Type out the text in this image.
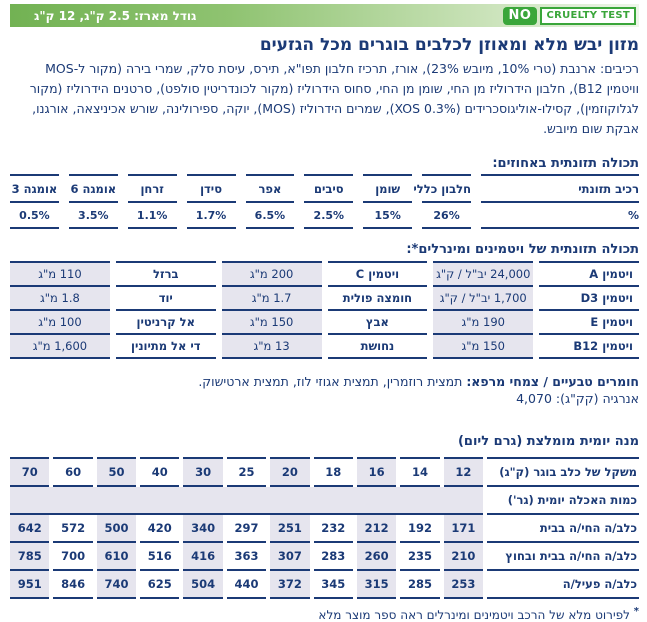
גודל מארז: 2.5 ק"ג, 12 ק"ג	NO	CRUELTY TEST
מזון יבש מלא ומאוזן לכלבים בוגרים מכל הגזעים

רכיבים: ארנבת (טרי 10%, מיובש 23%), אורז, תרכיז חלבון תפו"א, תירס, עיסת סלק, שמרי בירה (מקור ל-MOS וויטמין B12), חלבון הידרוליז מן החי, שומן מן החי, סחוס הידרוליז (מקור לכונדריטין סולפט), סרטנים הידרוליז (מקור לגלוקוזמין), קסילו-אוליגוסכרידים (XOS 0.3%), שמרים הידרוליז (MOS), יוקה, ספירולינה, שורש אכיניצאה, אורגנו, אבקת שום מיובש.

תכולה תזונתית באחוזים:
רכיב תזונתי	חלבון כללי	שומן	סיבים	אפר	סידן	זרחן	אומגה 6	אומגה 3
%	26%	15%	2.5%	6.5%	1.7%	1.1%	3.5%	0.5%
תכולה תזונתית של ויטמינים ומינרלים*:
ויטמין A	24,000 יב"ל / ק"ג	ויטמין C	200 מ"ג	ברזל	110 מ"ג
ויטמין D3	1,700 יב"ל / ק"ג	חומצה פולית	1.7 מ"ג	יוד	1.8 מ"ג
ויטמין E	190 מ"ג	אבץ	150 מ"ג	אל קרניטין	100 מ"ג
ויטמין B12	150 מ"ג	נחושת	13 מ"ג	די אל מתיונין	1,600 מ"ג

חומרים טבעיים / צמחי מרפא: תמצית רוזמרין, תמצית אגוזי לוז, תמצית ארטישוק.
אנרגיה (קק"ג): 4,070

מנה יומית מומלצת (גרם ליום)
משקל של כלב בוגר (ק"ג)	12	14	16	18	20	25	30	40	50	60	70
כמות האכלה יומית (גר')											
כלב/ה החי/ה בבית	171	192	212	232	251	297	340	420	500	572	642
כלב/ה החי/ה בבית ובחוץ	210	235	260	283	307	363	416	516	610	700	785
כלב/ה פעיל/ה	253	285	315	345	372	440	504	625	740	846	951

* לפירוט מלא של הרכב ויטמינים ומינרלים ראה ספר מוצר מלא
